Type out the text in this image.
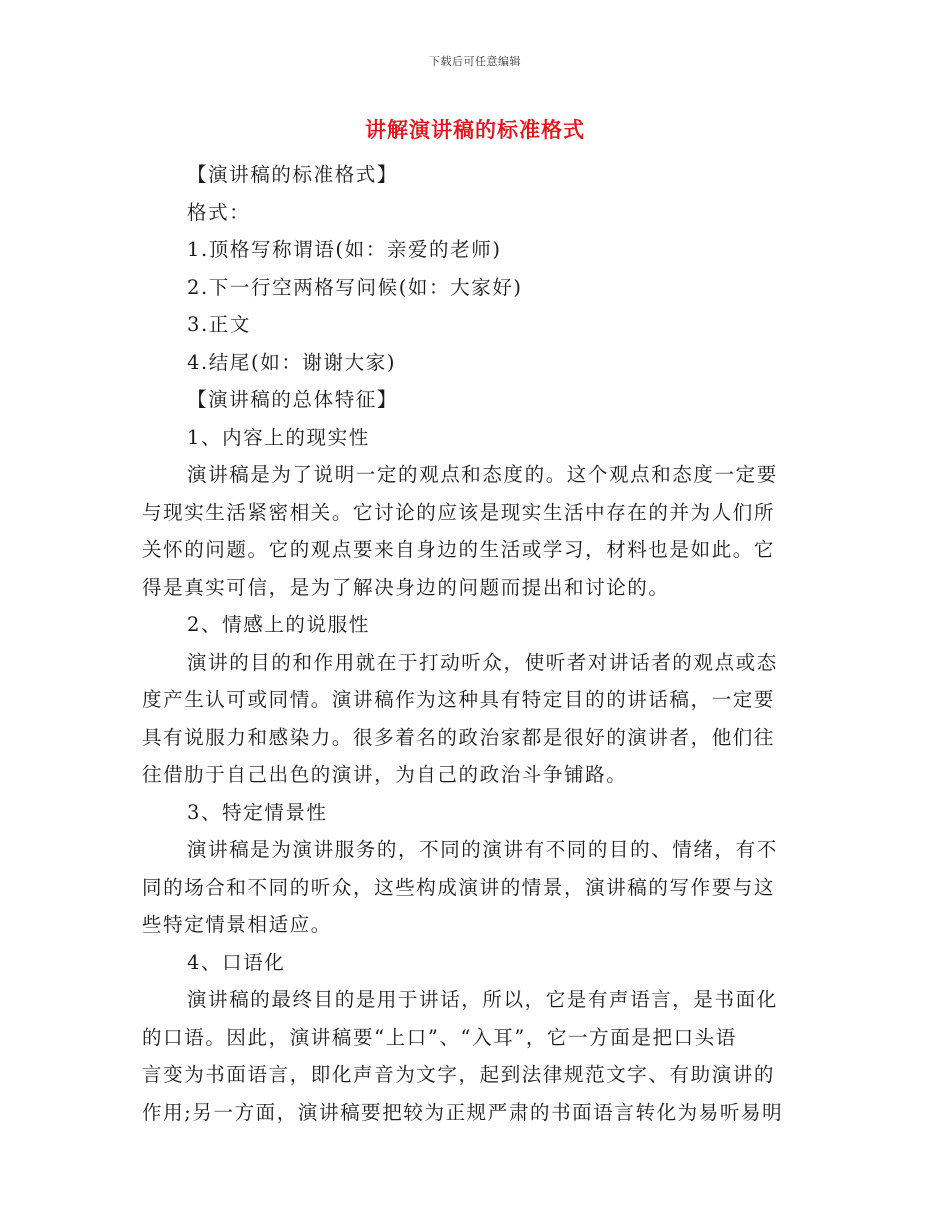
下载后可任意编辑
讲解演讲稿的标准格式
【演讲稿的标准格式】
格式：
1.顶格写称谓语(如：亲爱的老师)
2.下一行空两格写问候(如：大家好)
3.正文
4.结尾(如：谢谢大家)
【演讲稿的总体特征】
1、内容上的现实性
演讲稿是为了说明一定的观点和态度的。这个观点和态度一定要
与现实生活紧密相关。它讨论的应该是现实生活中存在的并为人们所
关怀的问题。它的观点要来自身边的生活或学习，材料也是如此。它
得是真实可信，是为了解决身边的问题而提出和讨论的。
2、情感上的说服性
演讲的目的和作用就在于打动听众，使听者对讲话者的观点或态
度产生认可或同情。演讲稿作为这种具有特定目的的讲话稿，一定要
具有说服力和感染力。很多着名的政治家都是很好的演讲者，他们往
往借肋于自己出色的演讲，为自己的政治斗争铺路。
3、特定情景性
演讲稿是为演讲服务的，不同的演讲有不同的目的、情绪，有不
同的场合和不同的听众，这些构成演讲的情景，演讲稿的写作要与这
些特定情景相适应。
4、口语化
演讲稿的最终目的是用于讲话，所以，它是有声语言，是书面化
的口语。因此，演讲稿要“上口”、“入耳”，它一方面是把口头语
言变为书面语言，即化声音为文字，起到法律规范文字、有助演讲的
作用;另一方面，演讲稿要把较为正规严肃的书面语言转化为易听易明
